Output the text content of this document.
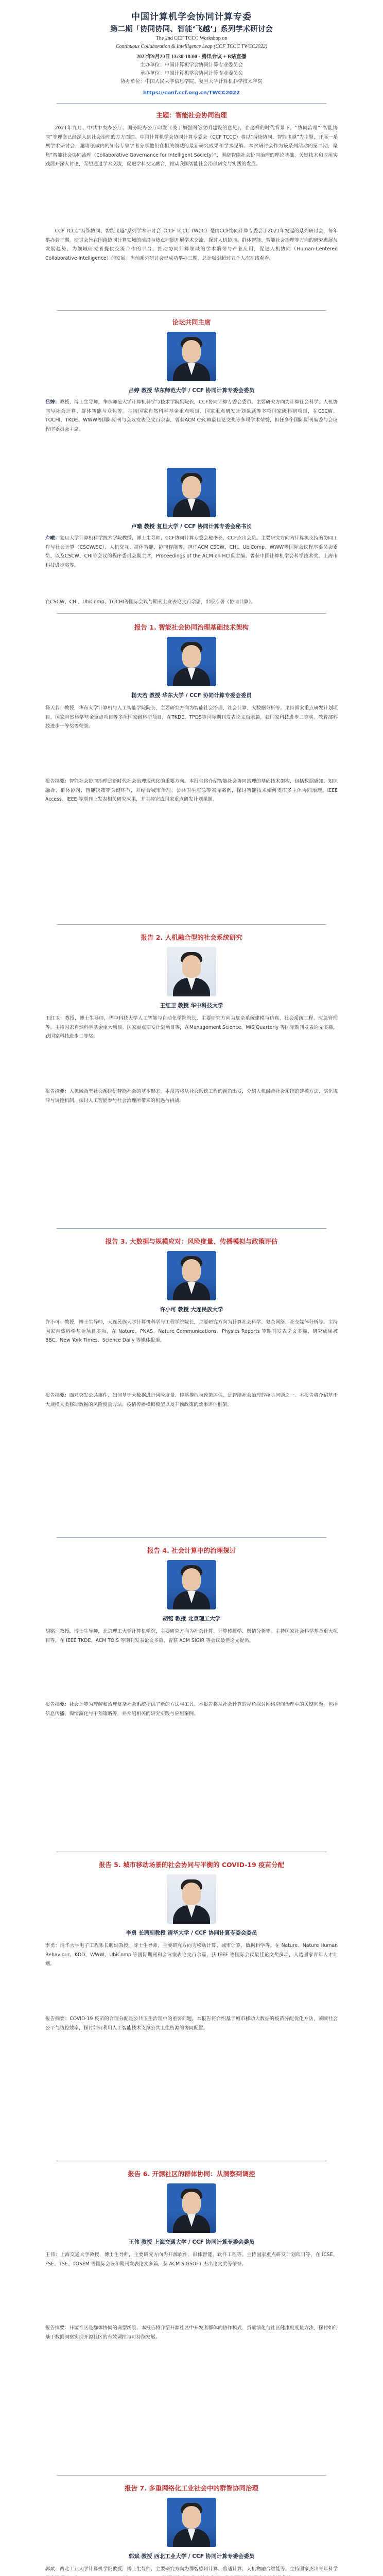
中国计算机学会协同计算专委
第二期「协同协同、智能‘飞越’」系列学术研讨会
The 2nd CCF TCCC Workshop on
Continuous Collaboration & Intelligence Leap (CCF TCCC TWCC2022)
2022年9月20日 13:30-18:00 · 腾讯会议 + B站直播
主办单位：中国计算机学会协同计算专业委员会
承办单位：中国计算机学会协同计算专业委员会
协办单位：中国人民大学信息学院、复旦大学计算机科学技术学院
https://conf.ccf.org.cn/TWCC2022
主题：智能社会协同治理
2021年九月，中共中央办公厅、国务院办公厅印发《关于加强网络文明建设的意见》，在这样的时代背景下，“协同治理”“智能协同”等理念已经深入到社会治理的方方面面。中国计算机学会协同计算专委会（CCF TCCC）将以“持续协同、智能飞越”为主题，开展一系列学术研讨会，邀请领域内的知名专家学者分享他们在相关领域的最新研究成果和学术见解。本次研讨会作为该系列活动的第二期，聚焦“智能社会协同治理（Collaborative Governance for Intelligent Society）”，围绕智能社会协同治理的理论基础、关键技术和应用实践展开深入讨论，希望通过学术交流，促进学科交叉融合，推动我国智能社会治理研究与实践的发展。
CCF TCCC“持续协同、智能飞越”系列学术研讨会（CCF TCCC TWCC）是由CCF协同计算专委会于2021年发起的系列研讨会，每年举办若干期。研讨会旨在围绕协同计算领域的前沿与热点问题开展学术交流，探讨人机协同、群体智能、智能社会治理等方向的研究进展与发展趋势，为领域研究者提供交流合作的平台，推动协同计算领域的学术繁荣与产业应用，促进人机协同（Human-Centered Collaborative Intelligence）的发展。当前系列研讨会已成功举办三期，总计吸引超过五千人次在线观看。
论坛共同主席
吕婷 教授 华东师范大学 / CCF 协同计算专委会委员
吕婷：教授，博士生导师，华东师范大学计算机科学与技术学院副院长，CCF协同计算专委会委员。主要研究方向为计算社会科学、人机协同与社会计算、群体智能与众包等。主持国家自然科学基金重点项目、国家重点研发计划课题等多项国家级科研项目，在CSCW、TOCHI、TKDE、WWW等国际期刊与会议发表论文百余篇，曾获ACM CSCW最佳论文奖等多项学术荣誉，担任多个国际期刊编委与会议程序委员会主席。
卢暾 教授 复旦大学 / CCF 协同计算专委会秘书长
卢暾：复旦大学计算机科学技术学院教授，博士生导师，CCF协同计算专委会秘书长，CCF杰出会员。主要研究方向为计算机支持的协同工作与社会计算（CSCW/SC）、人机交互、群体智能、协同智能等。担任ACM CSCW、CHI、UbiComp、WWW等国际会议程序委员会委员，以及CSCW、CHI等会议的程序委员会副主席，Proceedings of the ACM on HCI副主编。曾获中国计算机学会科学技术奖、上海市科技进步奖等。
在CSCW、CHI、UbiComp、TOCHI等国际会议与期刊上发表论文百余篇，出版专著《协同计算》。
报告 1. 智能社会协同治理基础技术架构
杨天若 教授 华东大学 / CCF 协同计算专委会委员
杨天若：教授，华东大学计算机与人工智能学院院长，主要研究方向为智能社会治理、社会计算、大数据分析等。主持国家重点研发计划项目、国家自然科学基金重点项目等多项国家级科研项目，在TKDE、TPDS等国际期刊发表论文百余篇，获国家科技进步二等奖、教育部科技进步一等奖等荣誉。
报告摘要：智能社会协同治理是新时代社会治理现代化的重要方向。本报告将介绍智能社会协同治理的基础技术架构，包括数据感知、知识融合、群体协同、智能决策等关键环节，并结合城市治理、公共卫生应急等实际案例，探讨智能技术如何支撑多主体协同治理。IEEE Access、IEEE 等期刊上发表相关研究成果，并主持完成国家重点研发计划课题。
报告 2. 人机融合型的社会系统研究
王红卫 教授 华中科技大学
王红卫：教授，博士生导师，华中科技大学人工智能与自动化学院院长，主要研究方向为复杂系统建模与仿真、社会系统工程、应急管理等。主持国家自然科学基金重大项目、国家重点研发计划项目等，在Management Science、MIS Quarterly 等国际期刊发表论文多篇，获国家科技进步二等奖。
报告摘要：人机融合型社会系统是智能社会的基本形态。本报告将从社会系统工程的视角出发，介绍人机融合社会系统的建模方法、演化规律与调控机制，探讨人工智能参与社会治理所带来的机遇与挑战。
报告 3. 大数据与规模应对：风险度量、传播模拟与政策评估
许小可 教授 大连民族大学
许小可：教授，博士生导师，大连民族大学计算机科学与工程学院院长，主要研究方向为计算社会科学、复杂网络、社交媒体分析等。主持国家自然科学基金项目多项，在 Nature、PNAS、Nature Communications、Physics Reports 等期刊发表论文多篇，研究成果被 BBC、New York Times、Science Daily 等媒体报道。
报告摘要：面对突发公共事件，如何基于大数据进行风险度量、传播模拟与政策评估，是智能社会治理的核心问题之一。本报告将介绍基于大规模人类移动数据的风险度量方法、疫情传播模拟模型以及干预政策的效果评估框架。
报告 4. 社会计算中的治理探讨
胡铭 教授 北京理工大学
胡铭：教授，博士生导师，北京理工大学计算机学院，主要研究方向为社会计算、计算传播学、舆情分析等。主持国家社会科学基金重大项目等，在 IEEE TKDE、ACM TOIS 等期刊发表论文多篇，曾获 ACM SIGIR 等会议最佳论文提名。
报告摘要：社会计算为理解和治理复杂社会系统提供了新的方法与工具。本报告将从社会计算的视角探讨网络空间治理中的关键问题，包括信息传播、舆情演化与干预策略等，并介绍相关的研究实践与应用案例。
报告 5. 城市移动场景的社会协同与平衡的 COVID-19 疫苗分配
李勇 长聘副教授 清华大学 / CCF 协同计算专委会委员
李勇：清华大学电子工程系长聘副教授，博士生导师，主要研究方向为移动计算、城市计算、数据科学等。在 Nature、Nature Human Behaviour、KDD、WWW、UbiComp 等国际期刊和会议发表论文百余篇，获 IEEE 等国际会议最佳论文奖多项，入选国家青年人才计划。
报告摘要：COVID-19 疫苗的合理分配是公共卫生治理中的重要问题。本报告将介绍基于城市移动大数据的疫苗分配优化方法，兼顾社会公平与防控效率，探讨如何利用人工智能技术支撑公共卫生资源的协同配置。
报告 6. 开源社区的群体协同：从洞察到调控
王伟 教授 上海交通大学 / CCF 协同计算专委会委员
王伟：上海交通大学教授，博士生导师，主要研究方向为开源软件、群体智能、软件工程等。主持国家重点研发计划项目等，在 ICSE、FSE、TSE、TOSEM 等国际会议和期刊发表论文多篇，获 ACM SIGSOFT 杰出论文奖等荣誉。
报告摘要：开源社区是群体协同的典型场景。本报告将介绍开源社区中开发者群体的协作模式、贡献演化与社区健康度度量方法，探讨如何基于数据洞察实现开源社区的有效调控与可持续发展。
报告 7. 多重网络化工业社会中的群智协同治理
郭斌 教授 西北工业大学 / CCF 协同计算专委会委员
郭斌：西北工业大学计算机学院教授，博士生导师，主要研究方向为群智感知计算、普适计算、人机物融合智能等。主持国家杰出青年科学
